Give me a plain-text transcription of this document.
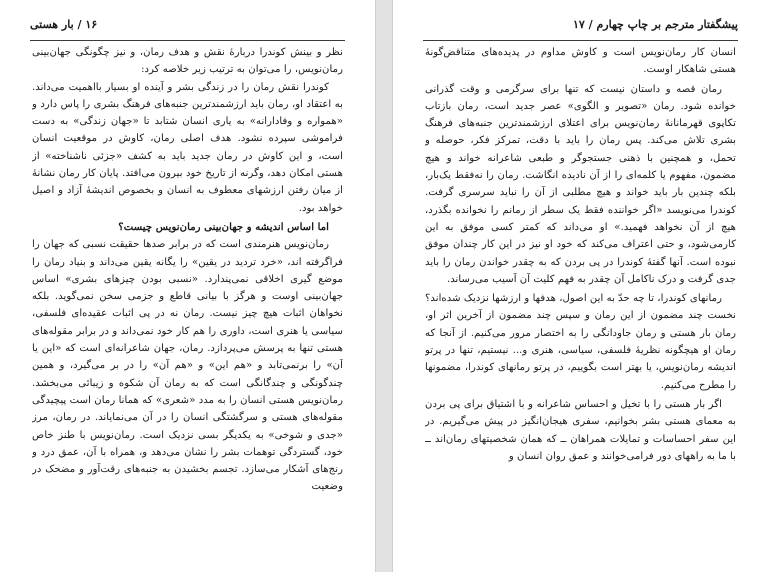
۱۶ / بار هستی

نظر و بینش کوندرا دربارهٔ نقش و هدف رمان، و نیز چگونگی جهان‌بینی رمان‌نویس، را می‌توان به ترتیب زیر خلاصه کرد:

کوندرا نقش رمان را در زندگی بشر و آینده او بسیار بااهمیت می‌داند. به اعتقاد او، رمان باید ارزشمندترین جنبه‌های فرهنگ بشری را پاس دارد و «همواره و وفادارانه» به یاری انسان شتابد تا «جهان زندگی» به دست فراموشی سپرده نشود. هدف اصلی رمان، کاوش در موقعیت انسان است، و این کاوش در رمان جدید باید به کشف «جزئی ناشناخته» از هستی امکان دهد، وگرنه از تاریخ خود بیرون می‌افتد. پایان کار رمان نشانهٔ از میان رفتن ارزشهای معطوف به انسان و بخصوص اندیشهٔ آزاد و اصیل خواهد بود.

اما اساس اندیشه و جهان‌بینی رمان‌نویس چیست؟

رمان‌نویس هنرمندی است که در برابر صدها حقیقت نسبی که جهان را فراگرفته اند، «خرد تردید در یقین» را یگانه یقین می‌داند و بنیاد رمان را موضع گیری اخلاقی نمی‌پندارد. «نسبی بودن چیزهای بشری» اساس جهان‌بینی اوست و هرگز با بیانی قاطع و جزمی سخن نمی‌گوید. بلکه نخواهان اثبات هیچ چیز نیست. رمان نه در پی اثبات عقیده‌ای فلسفی، سیاسی یا هنری است، داوری را هم کار خود نمی‌داند و در برابر مقوله‌های هستی تنها به پرسش می‌پردازد. رمان، جهان شاعرانه‌ای است که «این یا آن» را برنمی‌تابد و «هم این» و «هم آن» را در بر می‌گیرد، و همین چندگونگی و چندگانگی است که به رمان آن شکوه و زیبائی می‌بخشد. رمان‌نویس هستی انسان را به مدد «شعری» که همانا رمان است پیچیدگی مقوله‌های هستی و سرگشتگی انسان را در آن می‌نمایاند. در رمان، مرز «جدی و شوخی» به یکدیگر بسی نزدیک است. رمان‌نویس با طنز خاص خود، گستردگی توهمات بشر را نشان می‌دهد و، همراه با آن، عمق درد و رنج‌های آشکار می‌سازد. تجسم بخشیدن به جنبه‌های رقت‌آور و مضحک در وضعیت

پیشگفتار مترجم بر چاپ چهارم / ۱۷

انسان کار رمان‌نویس است و کاوش مداوم در پدیده‌های متناقض‌گونهٔ هستی شاهکار اوست.

رمان قصه و داستان نیست که تنها برای سرگرمی و وقت گذرانی خوانده شود. رمان «تصویر و الگوی» عصر جدید است، رمان بازتاب تکاپوی قهرمانانهٔ رمان‌نویس برای اعتلای ارزشمندترین جنبه‌های فرهنگ بشری تلاش می‌کند. پس رمان را باید با دقت، تمرکز فکر، حوصله و تحمل، و همچنین با ذهنی جستجوگر و طبعی شاعرانه خواند و هیچ مضمون، مفهوم یا کلمه‌ای را از آن نادیده انگاشت. رمان را نه‌فقط یک‌بار، بلکه چندین بار باید خواند و هیچ مطلبی از آن را نباید سرسری گرفت. کوندرا می‌نویسد «اگر خواننده فقط یک سطر از رمانم را نخوانده بگذرد، هیچ از آن نخواهد فهمید.» او می‌داند که کمتر کسی موفق به این کارمی‌شود، و حتی اعتراف می‌کند که خود او نیز در این کار چندان موفق نبوده است. آنها گفتهٔ کوندرا در پی بردن که به چقدر خواندن رمان را باید جدی گرفت و درک ناکامل آن چقدر به فهم کلیت آن آسیب می‌رساند.

رمانهای کوندرا، تا چه حدّ به این اصول، هدفها و ارزشها نزدیک شده‌اند؟ نخست چند مضمون از این رمان و سپس چند مضمون از آخرین اثر او، رمان بار هستی و رمان جاودانگی را به اختصار مرور می‌کنیم. از آنجا که رمان او هیچگونه نظریهٔ فلسفی، سیاسی، هنری و... نیستیم، تنها در پرتو اندیشه رمان‌نویس، یا بهتر است بگوییم، در پرتو رمانهای کوندرا، مضمونها را مطرح می‌کنیم.

اگر بار هستی را با تخیل و احساس شاعرانه و با اشتیاق برای پی بردن به معمای هستی بشر بخوانیم، سفری هیجان‌انگیز در پیش می‌گیریم. در این سفر احساسات و تمایلات همراهان ــ که همان شخصیتهای رمان‌اند ــ با ما به راههای دور فرامی‌خوانند و عمق روان انسان و
